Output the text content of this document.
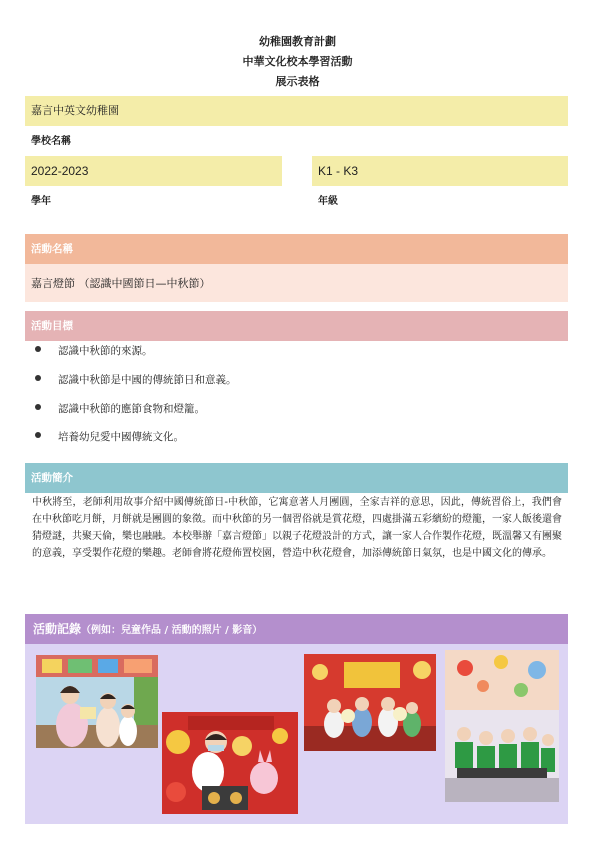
幼稚園教育計劃
中華文化校本學習活動
展示表格
嘉言中英文幼稚園
學校名稱
2022-2023
學年
K1 - K3
年級
活動名稱
嘉言燈節 （認識中國節日—中秋節）
活動目標
認識中秋節的來源。
認識中秋節是中國的傳統節日和意義。
認識中秋節的應節食物和燈籠。
培養幼兒愛中國傳統文化。
活動簡介
中秋將至，老師利用故事介紹中國傳統節日-中秋節，它寓意著人月團圓，全家吉祥的意思，因此，傳統習俗上，我們會在中秋節吃月餅，月餅就是團圓的象徵。而中秋節的另一個習俗就是賞花燈，四處掛滿五彩繽紛的燈籠，一家人飯後還會猜燈謎，共聚天倫，樂也融融。本校舉辦「嘉言燈節」以親子花燈設計的方式，讓一家人合作製作花燈，既溫馨又有團聚的意義，享受製作花燈的樂趣。老師會將花燈佈置校園，營造中秋花燈會，加添傳統節日氣氛，也是中國文化的傳承。
活動記錄（例如：兒童作品 / 活動的照片 / 影音）
